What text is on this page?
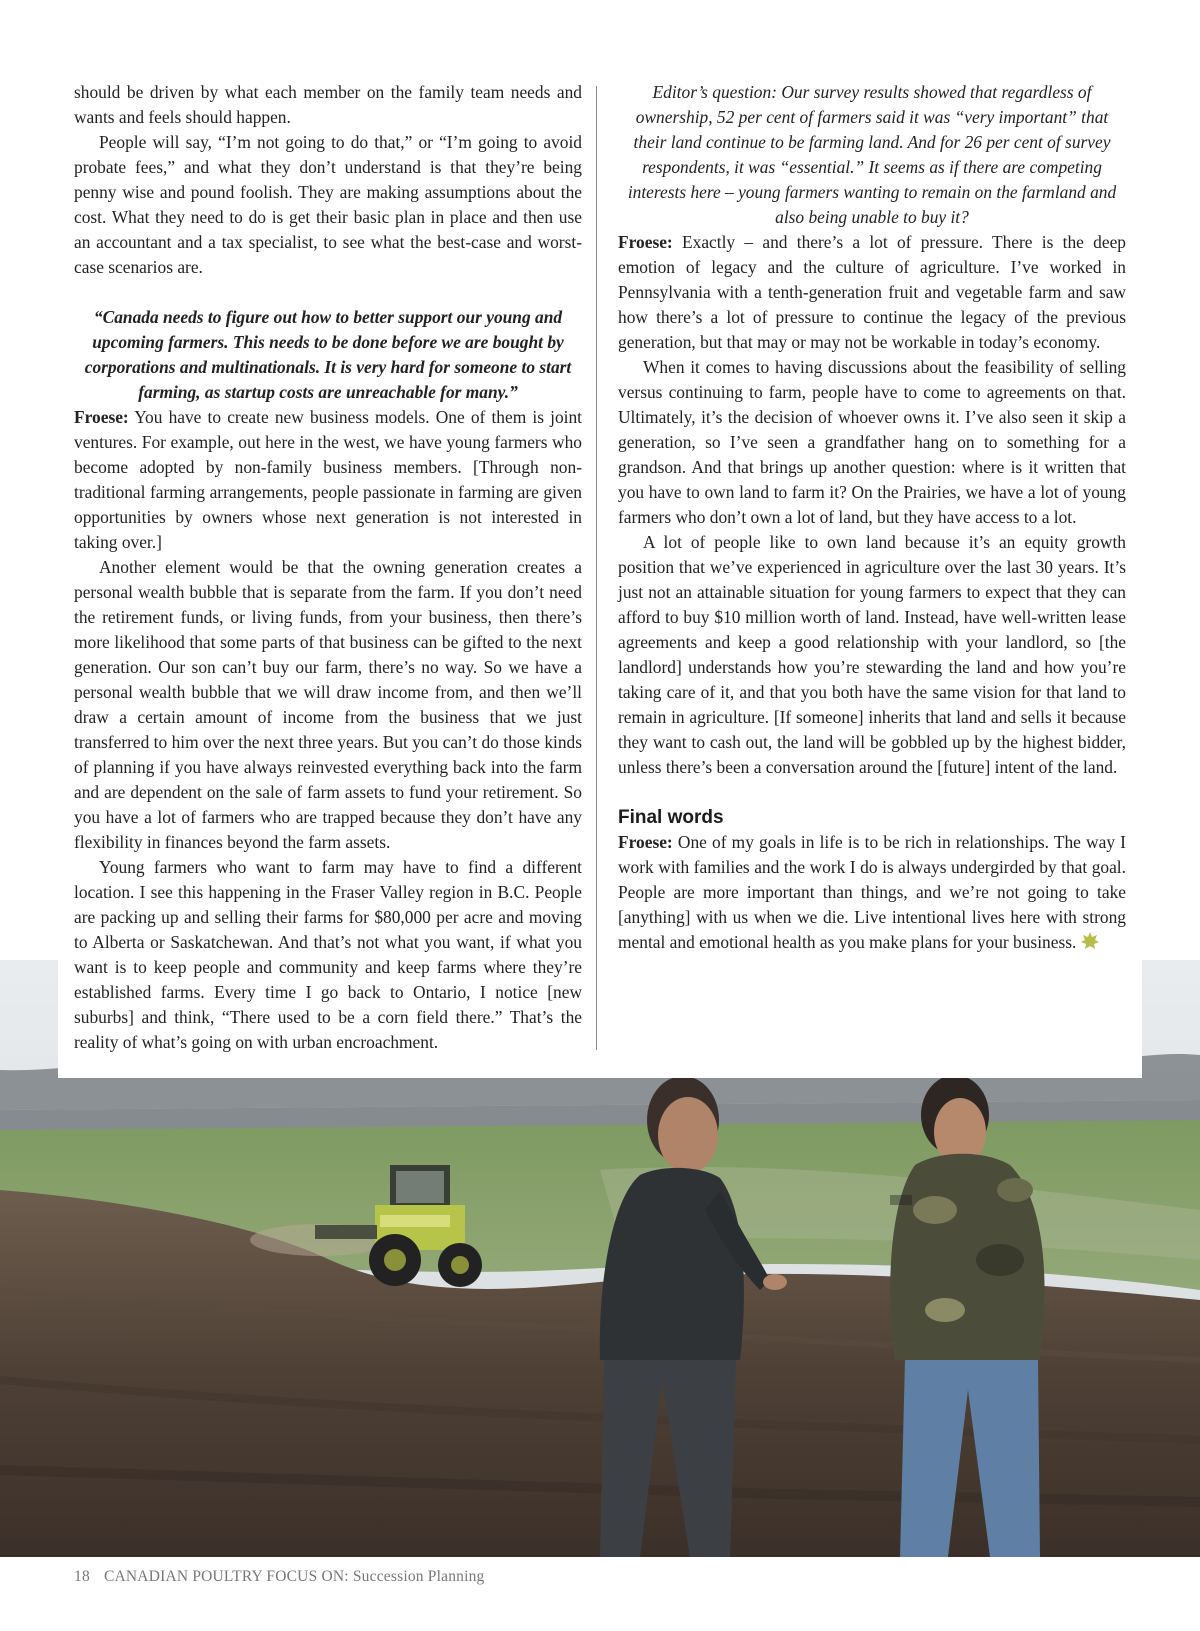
should be driven by what each member on the family team needs and wants and feels should happen.

People will say, “I’m not going to do that,” or “I’m going to avoid probate fees,” and what they don’t understand is that they’re being penny wise and pound foolish. They are making assumptions about the cost. What they need to do is get their basic plan in place and then use an accountant and a tax specialist, to see what the best-case and worst-case scenarios are.

“Canada needs to figure out how to better support our young and upcoming farmers. This needs to be done before we are bought by corporations and multinationals. It is very hard for someone to start farming, as startup costs are unreachable for many.”

Froese: You have to create new business models. One of them is joint ventures. For example, out here in the west, we have young farmers who become adopted by non-family business members. [Through non-traditional farming arrangements, people passionate in farming are given opportunities by owners whose next generation is not interested in taking over.]

Another element would be that the owning generation creates a personal wealth bubble that is separate from the farm. If you don’t need the retirement funds, or living funds, from your business, then there’s more likelihood that some parts of that business can be gifted to the next generation. Our son can’t buy our farm, there’s no way. So we have a personal wealth bubble that we will draw income from, and then we’ll draw a certain amount of income from the business that we just transferred to him over the next three years. But you can’t do those kinds of planning if you have always reinvested everything back into the farm and are dependent on the sale of farm assets to fund your retirement. So you have a lot of farmers who are trapped because they don’t have any flexibility in finances beyond the farm assets.

Young farmers who want to farm may have to find a different location. I see this happening in the Fraser Valley region in B.C. People are packing up and selling their farms for $80,000 per acre and moving to Alberta or Saskatchewan. And that’s not what you want, if what you want is to keep people and community and keep farms where they’re established farms. Every time I go back to Ontario, I notice [new suburbs] and think, “There used to be a corn field there.” That’s the reality of what’s going on with urban encroachment.

Editor’s question: Our survey results showed that regardless of ownership, 52 per cent of farmers said it was “very important” that their land continue to be farming land. And for 26 per cent of survey respondents, it was “essential.” It seems as if there are competing interests here – young farmers wanting to remain on the farmland and also being unable to buy it?

Froese: Exactly – and there’s a lot of pressure. There is the deep emotion of legacy and the culture of agriculture. I’ve worked in Pennsylvania with a tenth-generation fruit and vegetable farm and saw how there’s a lot of pressure to continue the legacy of the previous generation, but that may or may not be workable in today’s economy.

When it comes to having discussions about the feasibility of selling versus continuing to farm, people have to come to agreements on that. Ultimately, it’s the decision of whoever owns it. I’ve also seen it skip a generation, so I’ve seen a grandfather hang on to something for a grandson. And that brings up another question: where is it written that you have to own land to farm it? On the Prairies, we have a lot of young farmers who don’t own a lot of land, but they have access to a lot.

A lot of people like to own land because it’s an equity growth position that we’ve experienced in agriculture over the last 30 years. It’s just not an attainable situation for young farmers to expect that they can afford to buy $10 million worth of land. Instead, have well-written lease agreements and keep a good relationship with your landlord, so [the landlord] understands how you’re stewarding the land and how you’re taking care of it, and that you both have the same vision for that land to remain in agriculture. [If someone] inherits that land and sells it because they want to cash out, the land will be gobbled up by the highest bidder, unless there’s been a conversation around the [future] intent of the land.

Final words

Froese: One of my goals in life is to be rich in relationships. The way I work with families and the work I do is always undergirded by that goal. People are more important than things, and we’re not going to take [anything] with us when we die. Live intentional lives here with strong mental and emotional health as you make plans for your business.

18 CANADIAN POULTRY FOCUS ON: Succession Planning
